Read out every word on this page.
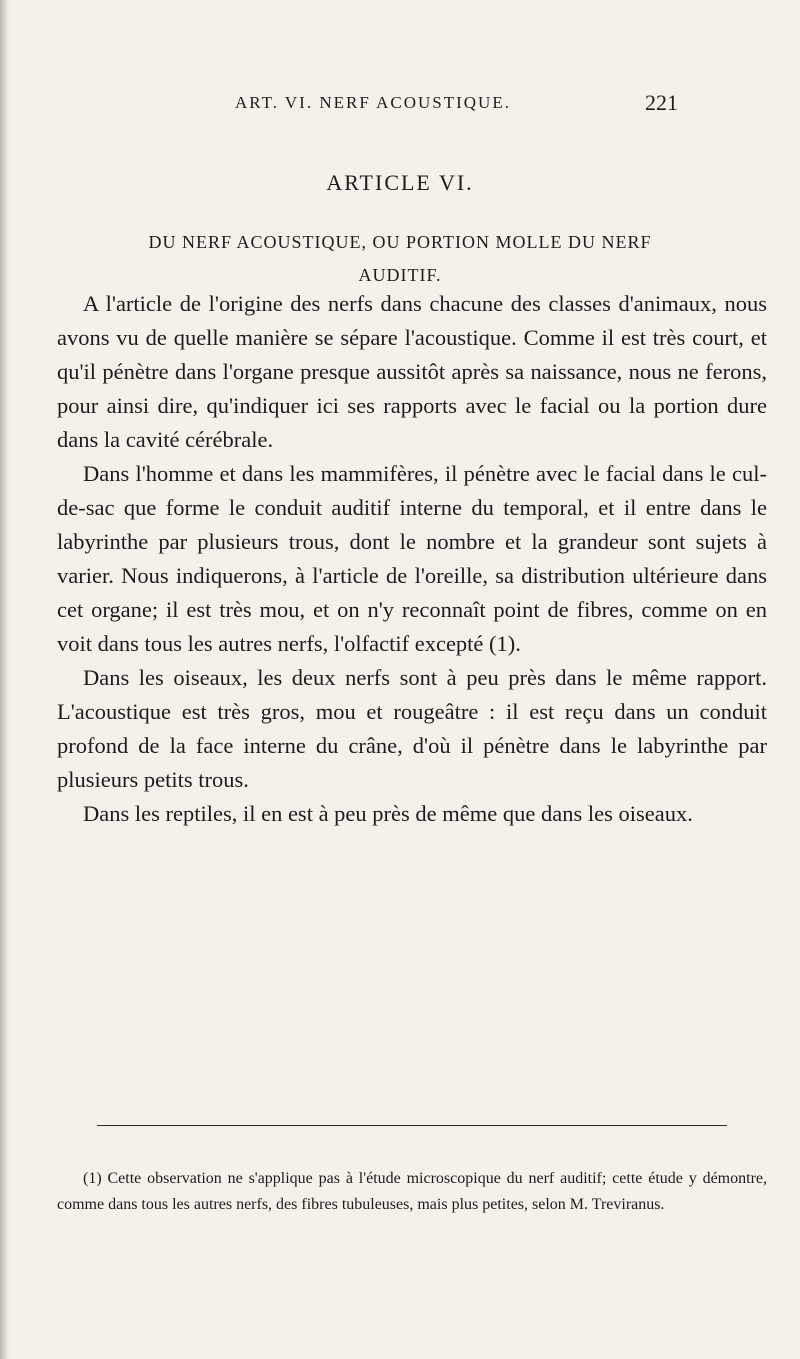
ART. VI. NERF ACOUSTIQUE.	221
ARTICLE VI.
DU NERF ACOUSTIQUE, OU PORTION MOLLE DU NERF
AUDITIF.

A l'article de l'origine des nerfs dans chacune des classes d'animaux, nous avons vu de quelle manière se sépare l'acoustique. Comme il est très court, et qu'il pénètre dans l'organe presque aussitôt après sa naissance, nous ne ferons, pour ainsi dire, qu'indiquer ici ses rapports avec le facial ou la portion dure dans la cavité cérébrale.

Dans l'homme et dans les mammifères, il pénètre avec le facial dans le cul-de-sac que forme le conduit auditif interne du temporal, et il entre dans le labyrinthe par plusieurs trous, dont le nombre et la grandeur sont sujets à varier. Nous indiquerons, à l'article de l'oreille, sa distribution ultérieure dans cet organe; il est très mou, et on n'y reconnaît point de fibres, comme on en voit dans tous les autres nerfs, l'olfactif excepté (1).

Dans les oiseaux, les deux nerfs sont à peu près dans le même rapport. L'acoustique est très gros, mou et rougeâtre : il est reçu dans un conduit profond de la face interne du crâne, d'où il pénètre dans le labyrinthe par plusieurs petits trous.

Dans les reptiles, il en est à peu près de même que dans les oiseaux.

(1) Cette observation ne s'applique pas à l'étude microscopique du nerf auditif; cette étude y démontre, comme dans tous les autres nerfs, des fibres tubuleuses, mais plus petites, selon M. Treviranus.
